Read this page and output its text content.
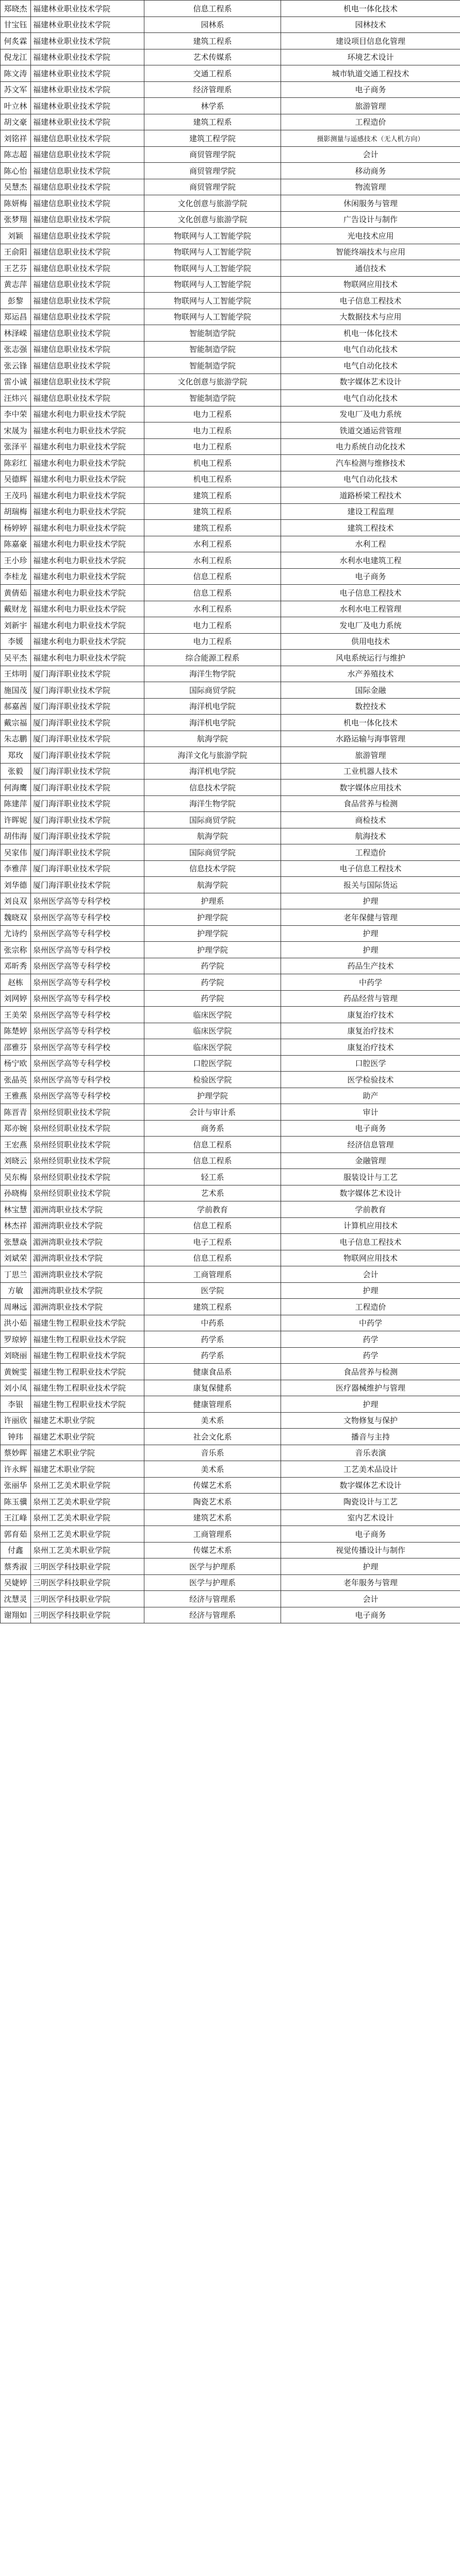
郑晓杰	福建林业职业技术学院	信息工程系	机电一体化技术
甘宝钰	福建林业职业技术学院	园林系	园林技术
何炙霖	福建林业职业技术学院	建筑工程系	建设项目信息化管理
倪龙江	福建林业职业技术学院	艺术传媒系	环境艺术设计
陈文涛	福建林业职业技术学院	交通工程系	城市轨道交通工程技术
苏文军	福建林业职业技术学院	经济管理系	电子商务
叶立林	福建林业职业技术学院	林学系	旅游管理
胡文豪	福建林业职业技术学院	建筑工程系	工程造价
刘铭祥	福建信息职业技术学院	建筑工程学院	摄影测量与遥感技术（无人机方向）
陈志超	福建信息职业技术学院	商贸管理学院	会计
陈心怡	福建信息职业技术学院	商贸管理学院	移动商务
吴慧杰	福建信息职业技术学院	商贸管理学院	物流管理
陈妍梅	福建信息职业技术学院	文化创意与旅游学院	休闲服务与管理
张梦翔	福建信息职业技术学院	文化创意与旅游学院	广告设计与制作
刘颖	福建信息职业技术学院	物联网与人工智能学院	光电技术应用
王俞阳	福建信息职业技术学院	物联网与人工智能学院	智能终端技术与应用
王艺芬	福建信息职业技术学院	物联网与人工智能学院	通信技术
黄志萍	福建信息职业技术学院	物联网与人工智能学院	物联网应用技术
彭黎	福建信息职业技术学院	物联网与人工智能学院	电子信息工程技术
郑运昌	福建信息职业技术学院	物联网与人工智能学院	大数据技术与应用
林泽嵘	福建信息职业技术学院	智能制造学院	机电一体化技术
张志强	福建信息职业技术学院	智能制造学院	电气自动化技术
张云锋	福建信息职业技术学院	智能制造学院	电气自动化技术
雷小诚	福建信息职业技术学院	文化创意与旅游学院	数字媒体艺术设计
汪炜兴	福建信息职业技术学院	智能制造学院	电气自动化技术
李中荣	福建水利电力职业技术学院	电力工程系	发电厂及电力系统
宋晟为	福建水利电力职业技术学院	电力工程系	铁道交通运营管理
张泽平	福建水利电力职业技术学院	电力工程系	电力系统自动化技术
陈彩红	福建水利电力职业技术学院	机电工程系	汽车检测与维修技术
吴德辉	福建水利电力职业技术学院	机电工程系	电气自动化技术
王茂玛	福建水利电力职业技术学院	建筑工程系	道路桥梁工程技术
胡瑞梅	福建水利电力职业技术学院	建筑工程系	建设工程监理
杨婷婷	福建水利电力职业技术学院	建筑工程系	建筑工程技术
陈嘉豪	福建水利电力职业技术学院	水利工程系	水利工程
王小珍	福建水利电力职业技术学院	水利工程系	水利水电建筑工程
李桂龙	福建水利电力职业技术学院	信息工程系	电子商务
黄倩茹	福建水利电力职业技术学院	信息工程系	电子信息工程技术
戴财龙	福建水利电力职业技术学院	水利工程系	水利水电工程管理
刘新宇	福建水利电力职业技术学院	电力工程系	发电厂及电力系统
李媛	福建水利电力职业技术学院	电力工程系	供用电技术
吴平杰	福建水利电力职业技术学院	综合能源工程系	风电系统运行与维护
王炜明	厦门海洋职业技术学院	海洋生物学院	水产养殖技术
施国茂	厦门海洋职业技术学院	国际商贸学院	国际金融
郝嘉茜	厦门海洋职业技术学院	海洋机电学院	数控技术
戴宗福	厦门海洋职业技术学院	海洋机电学院	机电一体化技术
朱志鹏	厦门海洋职业技术学院	航海学院	水路运输与海事管理
郑玫	厦门海洋职业技术学院	海洋文化与旅游学院	旅游管理
张毅	厦门海洋职业技术学院	海洋机电学院	工业机器人技术
何海鹰	厦门海洋职业技术学院	信息技术学院	数字媒体应用技术
陈建萍	厦门海洋职业技术学院	海洋生物学院	食品营养与检测
许晖妮	厦门海洋职业技术学院	国际商贸学院	商检技术
胡伟海	厦门海洋职业技术学院	航海学院	航海技术
吴家伟	厦门海洋职业技术学院	国际商贸学院	工程造价
李雅萍	厦门海洋职业技术学院	信息技术学院	电子信息工程技术
刘华德	厦门海洋职业技术学院	航海学院	报关与国际货运
刘良双	泉州医学高等专科学校	护理系	护理
魏晓双	泉州医学高等专科学校	护理学院	老年保健与管理
尤诗约	泉州医学高等专科学校	护理学院	护理
张宗称	泉州医学高等专科学校	护理学院	护理
邓昕秀	泉州医学高等专科学校	药学院	药品生产技术
赵栋	泉州医学高等专科学校	药学院	中药学
刘网婷	泉州医学高等专科学校	药学院	药品经营与管理
王美荣	泉州医学高等专科学校	临床医学院	康复治疗技术
陈楚婷	泉州医学高等专科学校	临床医学院	康复治疗技术
邵雅芬	泉州医学高等专科学校	临床医学院	康复治疗技术
杨宁欧	泉州医学高等专科学校	口腔医学院	口腔医学
张晶英	泉州医学高等专科学校	检验医学院	医学检验技术
王雅燕	泉州医学高等专科学校	护理学院	助产
陈晋青	泉州经贸职业技术学院	会计与审计系	审计
郑亦婉	泉州经贸职业技术学院	商务系	电子商务
王宏燕	泉州经贸职业技术学院	信息工程系	经济信息管理
刘晓云	泉州经贸职业技术学院	信息工程系	金融管理
吴东梅	泉州经贸职业技术学院	轻工系	服装设计与工艺
孙晓梅	泉州经贸职业技术学院	艺术系	数字媒体艺术设计
林宝慧	湄洲湾职业技术学院	学前教育	学前教育
林杰祥	湄洲湾职业技术学院	信息工程系	计算机应用技术
张慧焱	湄洲湾职业技术学院	电子工程系	电子信息工程技术
刘斌荣	湄洲湾职业技术学院	信息工程系	物联网应用技术
丁思兰	湄洲湾职业技术学院	工商管理系	会计
方敏	湄洲湾职业技术学院	医学院	护理
周琳远	湄洲湾职业技术学院	建筑工程系	工程造价
洪小茹	福建生物工程职业技术学院	中药系	中药学
罗琼婷	福建生物工程职业技术学院	药学系	药学
刘晓丽	福建生物工程职业技术学院	药学系	药学
黄婉雯	福建生物工程职业技术学院	健康食品系	食品营养与检测
刘小凤	福建生物工程职业技术学院	康复保健系	医疗器械维护与管理
李银	福建生物工程职业技术学院	健康管理系	护理
许丽欣	福建艺术职业学院	美术系	文物修复与保护
钟玮	福建艺术职业学院	社会文化系	播音与主持
蔡妙晖	福建艺术职业学院	音乐系	音乐表演
许永辉	福建艺术职业学院	美术系	工艺美术品设计
张丽华	泉州工艺美术职业学院	传媒艺术系	数字媒体艺术设计
陈玉骥	泉州工艺美术职业学院	陶瓷艺术系	陶瓷设计与工艺
王江峰	泉州工艺美术职业学院	建筑艺术系	室内艺术设计
郭育茹	泉州工艺美术职业学院	工商管理系	电子商务
付鑫	泉州工艺美术职业学院	传媒艺术系	视觉传播设计与制作
蔡秀淑	三明医学科技职业学院	医学与护理系	护理
吴婕婷	三明医学科技职业学院	医学与护理系	老年服务与管理
沈慧灵	三明医学科技职业学院	经济与管理系	会计
谢翔如	三明医学科技职业学院	经济与管理系	电子商务
